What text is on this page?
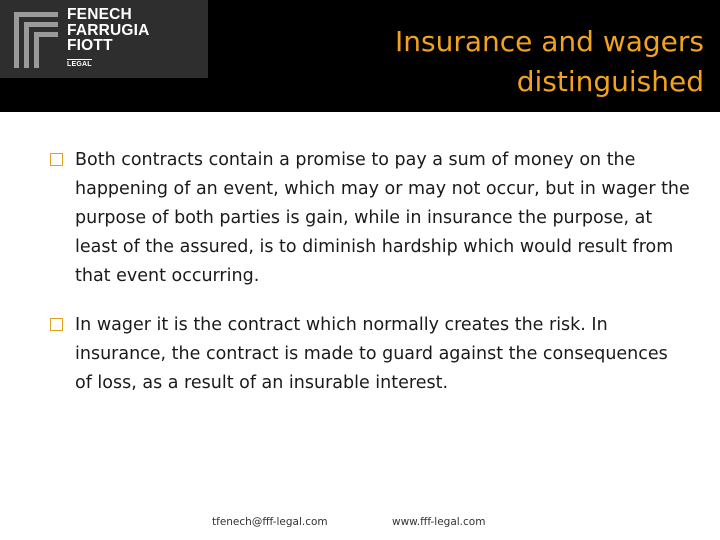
FENECH
FARRUGIA
FIOTT
LEGAL
Insurance and wagers
distinguished
Both contracts contain a promise to pay a sum of money on the happening of an event, which may or may not occur, but in wager the purpose of both parties is gain, while in insurance the purpose, at least of the assured, is to diminish hardship which would result from that event occurring.
In wager it is the contract which normally creates the risk. In insurance, the contract is made to guard against the consequences of loss, as a result of an insurable interest.
tfenech@fff-legal.com	www.fff-legal.com
